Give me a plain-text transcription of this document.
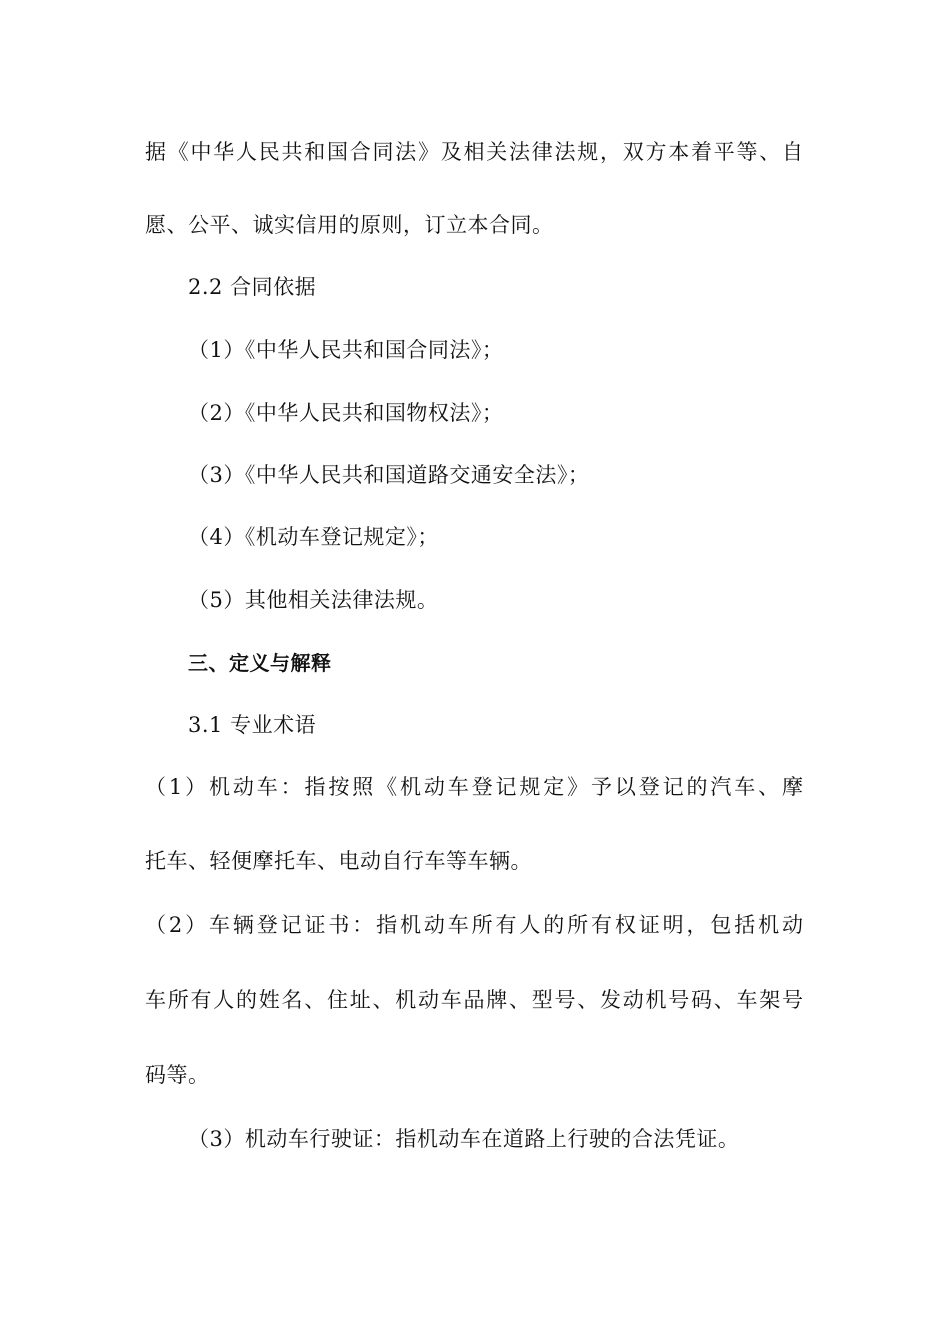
据《中华人民共和国合同法》及相关法律法规，双方本着平等、自
愿、公平、诚实信用的原则，订立本合同。
2.2 合同依据
（1）《中华人民共和国合同法》；
（2）《中华人民共和国物权法》；
（3）《中华人民共和国道路交通安全法》；
（4）《机动车登记规定》；
（5）其他相关法律法规。
三、定义与解释
3.1 专业术语
（1）机动车：指按照《机动车登记规定》予以登记的汽车、摩
托车、轻便摩托车、电动自行车等车辆。
（2）车辆登记证书：指机动车所有人的所有权证明，包括机动
车所有人的姓名、住址、机动车品牌、型号、发动机号码、车架号
码等。
（3）机动车行驶证：指机动车在道路上行驶的合法凭证。
